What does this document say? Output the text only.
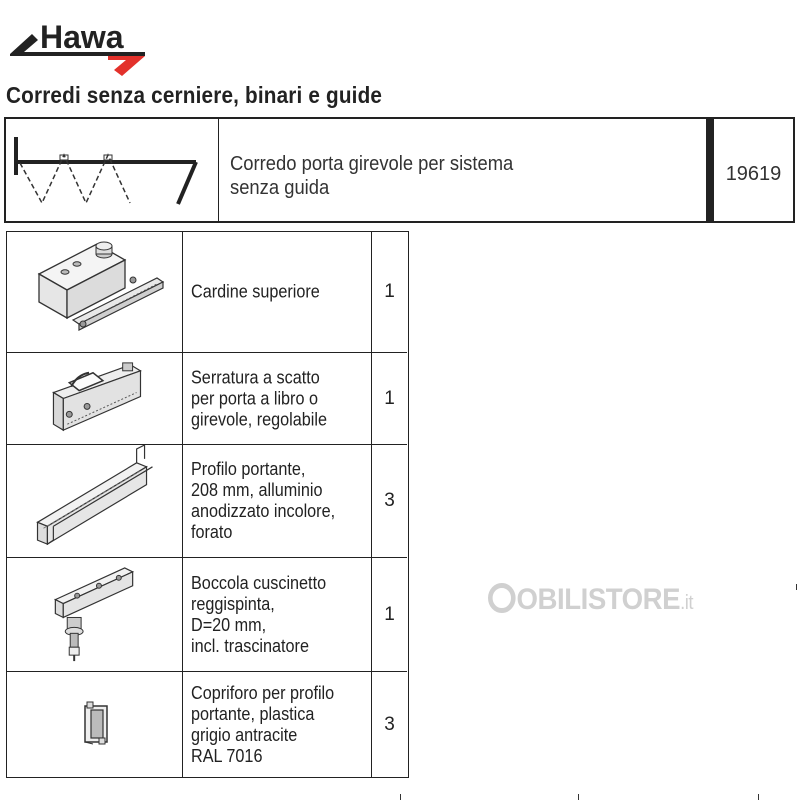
Hawa
Corredi senza cerniere, binari e guide
Corredo porta girevole per sistema
senza guida
19619
Cardine superiore	1
Serratura a scatto
per porta a libro o
girevole, regolabile
1
Profilo portante,
208 mm, alluminio
anodizzato incolore,
forato
3
Boccola cuscinetto
reggispinta,
D=20 mm,
incl. trascinatore
1
Copriforo per profilo
portante, plastica
grigio antracite
RAL 7016
3
OBILISTORE.it
